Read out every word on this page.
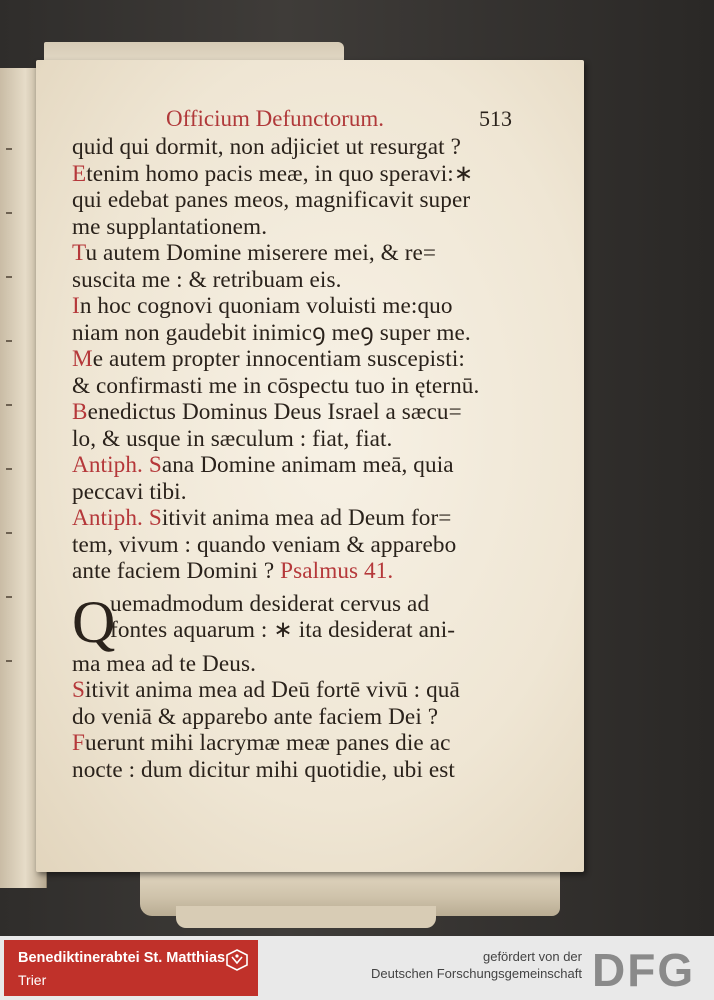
Officium Defunctorum.	513
quid qui dormit, non adjiciet ut resurgat ?
Etenim homo pacis meæ, in quo speravi:∗
qui edebat panes meos, magnificavit super
me supplantationem.
Tu autem Domine miserere mei, & re=
suscita me : & retribuam eis.
In hoc cognovi quoniam voluisti me:quo
niam non gaudebit inimicꝯ meꝯ super me.
Me autem propter innocentiam suscepisti:
& confirmasti me in cōspectu tuo in ęternū.
Benedictus Dominus Deus Israel a sæcu=
lo, & usque in sæculum : fiat, fiat.
Antiph. Sana Domine animam meā, quia
peccavi tibi.
Antiph. Sitivit anima mea ad Deum for=
tem, vivum : quando veniam & apparebo
ante faciem Domini ? Psalmus 41.
Q
uemadmodum desiderat cervus ad
fontes aquarum : ∗ ita desiderat ani-
ma mea ad te Deus.
Sitivit anima mea ad Deū fortē vivū : quā
do veniā & apparebo ante faciem Dei ?
Fuerunt mihi lacrymæ meæ panes die ac
nocte : dum dicitur mihi quotidie, ubi est
Benediktinerabtei St. Matthias
Trier
gefördert von der
Deutschen Forschungsgemeinschaft DFG
